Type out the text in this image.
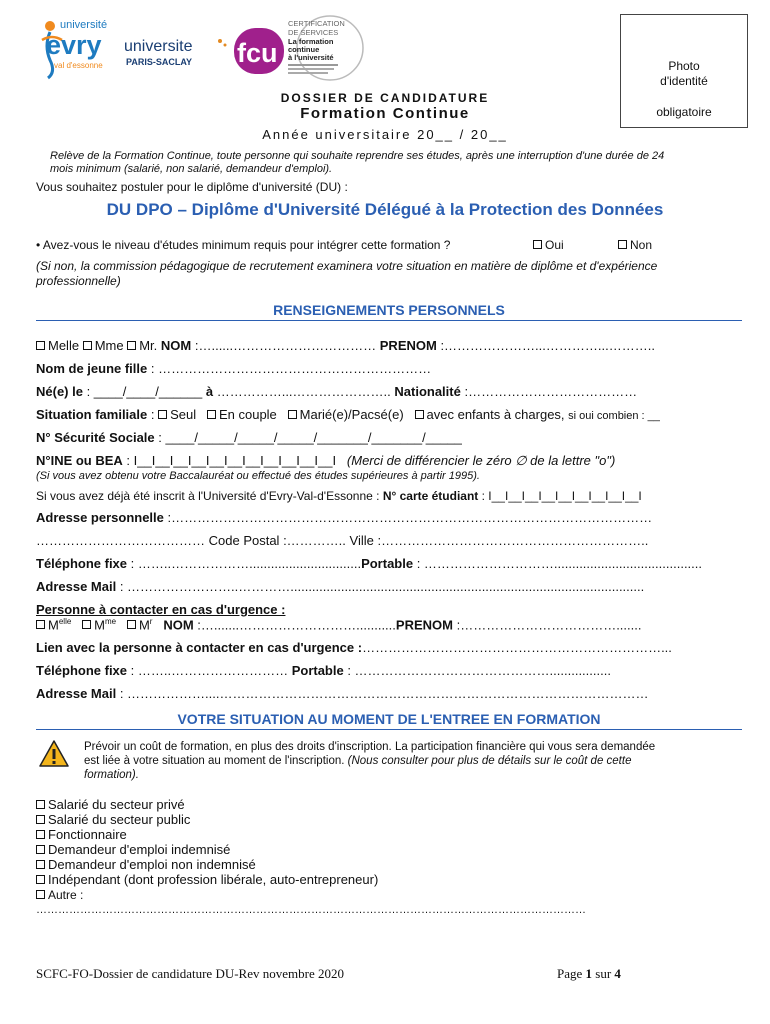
université
evry
val d'essonne
universite
PARIS-SACLAY fcu
CERTIFICATION
DE SERVICES
La formation
continue
à l'université
Photo
d'identité
obligatoire
DOSSIER DE CANDIDATURE
Formation Continue
Année universitaire 20__ / 20__
Relève de la Formation Continue, toute personne qui souhaite reprendre ses études, après une interruption d'une durée de 24
mois minimum (salarié, non salarié, demandeur d'emploi).
Vous souhaitez postuler pour le diplôme d'université (DU) :
DU DPO – Diplôme d'Université Délégué à la Protection des Données
• Avez-vous le niveau d'études minimum requis pour intégrer cette formation ?	Oui	Non
(Si non, la commission pédagogique de recrutement examinera votre situation en matière de diplôme et d'expérience
professionnelle)
RENSEIGNEMENTS PERSONNELS
Melle Mme Mr. NOM :…......…………………………… PRENOM :…………………...…………...………..
Nom de jeune fille : ………………………………………………………
Né(e) le : ____/____/______ à ……………...………………….. Nationalité :…………………………………
Situation familiale : Seul En couple Marié(e)/Pacsé(e) avec enfants à charges, si oui combien : __
N° Sécurité Sociale : ____/_____/_____/_____/_______/_______/_____
N°INE ou BEA : I__I__I__I__I__I__I__I__I__I__I__I (Merci de différencier le zéro ∅ de la lettre "o")
(Si vous avez obtenu votre Baccalauréat ou effectué des études supérieures à partir 1995).
Si vous avez déjà été inscrit à l'Université d'Evry-Val-d'Essonne : N° carte étudiant : I__I__I__I__I__I__I__I__I__I
Adresse personnelle :…………………………………………………………………………………………………
………………………………… Code Postal :………….. Ville :……………………………………………………..
Téléphone fixe : ……..………………...............................Portable : ………………………….........................................
Adresse Mail : ……………………..…………..................................................................................................
Personne à contacter en cas d'urgence :
$M^{elle}$ $M^{me}$ $M^r$ NOM :….......………………………...........PRENOM :……………………………….......
Lien avec la personne à contacter en cas d'urgence :……………………………………………………………...
Téléphone fixe : ……..……………………… Portable : ……………………………………….................
Adresse Mail : ………………....………………………………………………………………………………………
VOTRE SITUATION AU MOMENT DE L'ENTREE EN FORMATION
Prévoir un coût de formation, en plus des droits d'inscription. La participation financière qui vous sera demandée
est liée à votre situation au moment de l'inscription. (Nous consulter pour plus de détails sur le coût de cette
formation).
Salarié du secteur privé
Salarié du secteur public
Fonctionnaire
Demandeur d'emploi indemnisé
Demandeur d'emploi non indemnisé
Indépendant (dont profession libérale, auto-entrepreneur)
Autre :
……………………………………………………………………………………………………………………………………
SCFC-FO-Dossier de candidature DU-Rev novembre 2020	Page 1 sur 4
